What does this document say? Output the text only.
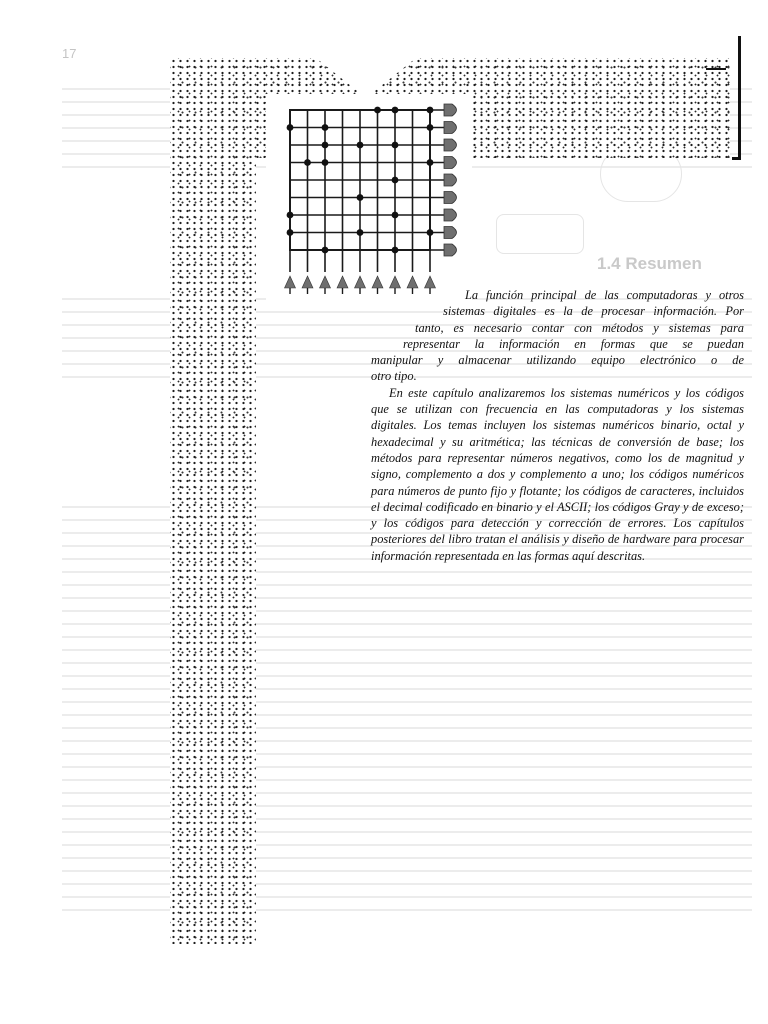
17
1.4 Resumen

La función principal de las computadoras y otros
sistemas digitales es la de procesar información. Por
tanto, es necesario contar con métodos y sistemas para
representar la información en formas que se puedan
manipular y almacenar utilizando equipo electrónico o de
otro tipo.

En este capítulo analizaremos los sistemas numéricos y los códigos que se utilizan con frecuencia en las computadoras y los sistemas digitales. Los temas incluyen los sistemas numéricos binario, octal y hexadecimal y su aritmética; las técnicas de conversión de base; los métodos para representar números negativos, como los de magnitud y signo, complemento a dos y complemento a uno; los códigos numéricos para números de punto fijo y flotante; los códigos de caracteres, incluidos el decimal codificado en binario y el ASCII; los códigos Gray y de exceso; y los códigos para detección y corrección de errores. Los capítulos posteriores del libro tratan el análisis y diseño de hardware para procesar información representada en las formas aquí descritas.
